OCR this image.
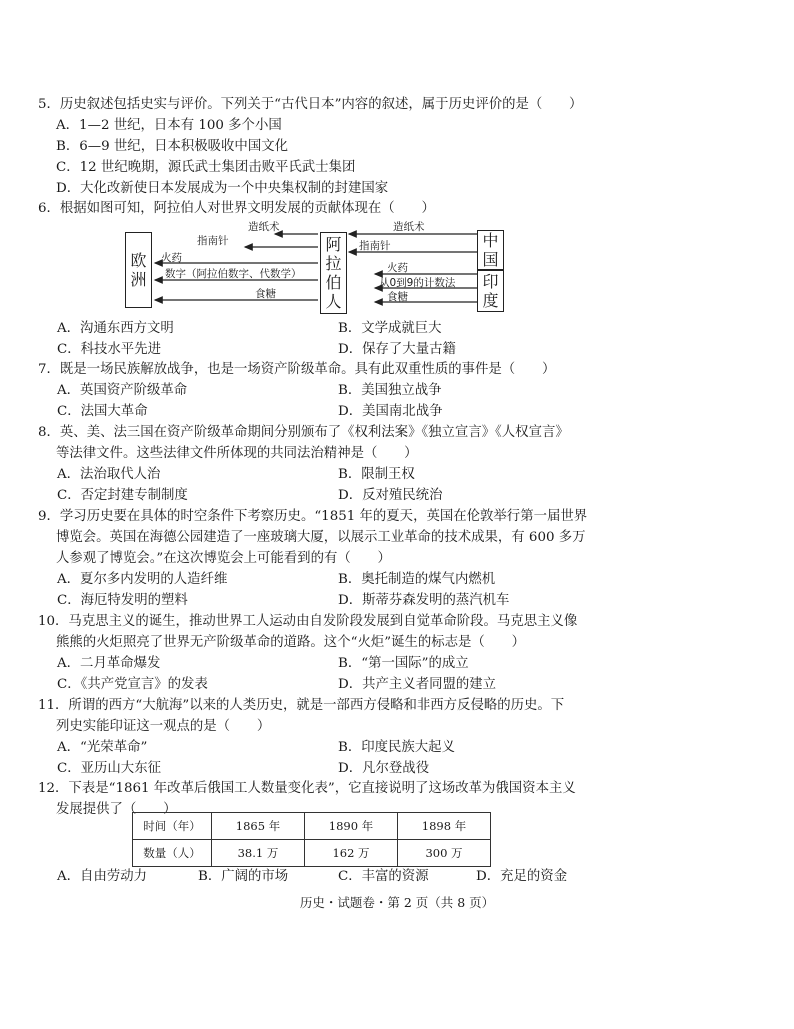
5．历史叙述包括史实与评价。下列关于“古代日本”内容的叙述，属于历史评价的是（　　）
A．1—2 世纪，日本有 100 多个小国
B．6—9 世纪，日本积极吸收中国文化
C．12 世纪晚期，源氏武士集团击败平氏武士集团
D．大化改新使日本发展成为一个中央集权制的封建国家
6．根据如图可知，阿拉伯人对世界文明发展的贡献体现在（　　）
欧
洲
阿
拉
伯
人
中
国
印
度
造纸术
指南针
火药
数字（阿拉伯数字、代数学）
食糖
造纸术
指南针
火药
从0到9的计数法
食糖
A．沟通东西方文明	B．文学成就巨大
C．科技水平先进	D．保存了大量古籍
7．既是一场民族解放战争，也是一场资产阶级革命。具有此双重性质的事件是（　　）
A．英国资产阶级革命	B．美国独立战争
C．法国大革命	D．美国南北战争
8．英、美、法三国在资产阶级革命期间分别颁布了《权利法案》《独立宣言》《人权宣言》
等法律文件。这些法律文件所体现的共同法治精神是（　　）
A．法治取代人治	B．限制王权
C．否定封建专制制度	D．反对殖民统治
9．学习历史要在具体的时空条件下考察历史。“1851 年的夏天，英国在伦敦举行第一届世界
博览会。英国在海德公园建造了一座玻璃大厦，以展示工业革命的技术成果，有 600 多万
人参观了博览会。”在这次博览会上可能看到的有（　　）
A．夏尔多内发明的人造纤维	B．奥托制造的煤气内燃机
C．海厄特发明的塑料	D．斯蒂芬森发明的蒸汽机车
10．马克思主义的诞生，推动世界工人运动由自发阶段发展到自觉革命阶段。马克思主义像
熊熊的火炬照亮了世界无产阶级革命的道路。这个“火炬”诞生的标志是（　　）
A．二月革命爆发	B．“第一国际”的成立
C．《共产党宣言》的发表	D．共产主义者同盟的建立
11．所谓的西方“大航海”以来的人类历史，就是一部西方侵略和非西方反侵略的历史。下
列史实能印证这一观点的是（　　）
A．“光荣革命”	B．印度民族大起义
C．亚历山大东征	D．凡尔登战役
12．下表是“1861 年改革后俄国工人数量变化表”，它直接说明了这场改革为俄国资本主义
发展提供了（　　）
时间（年）	1865 年	1890 年	1898 年
数量（人）	38.1 万	162 万	300 万
A．自由劳动力	B．广阔的市场	C．丰富的资源	D．充足的资金
历史・试题卷・第 2 页（共 8 页）
